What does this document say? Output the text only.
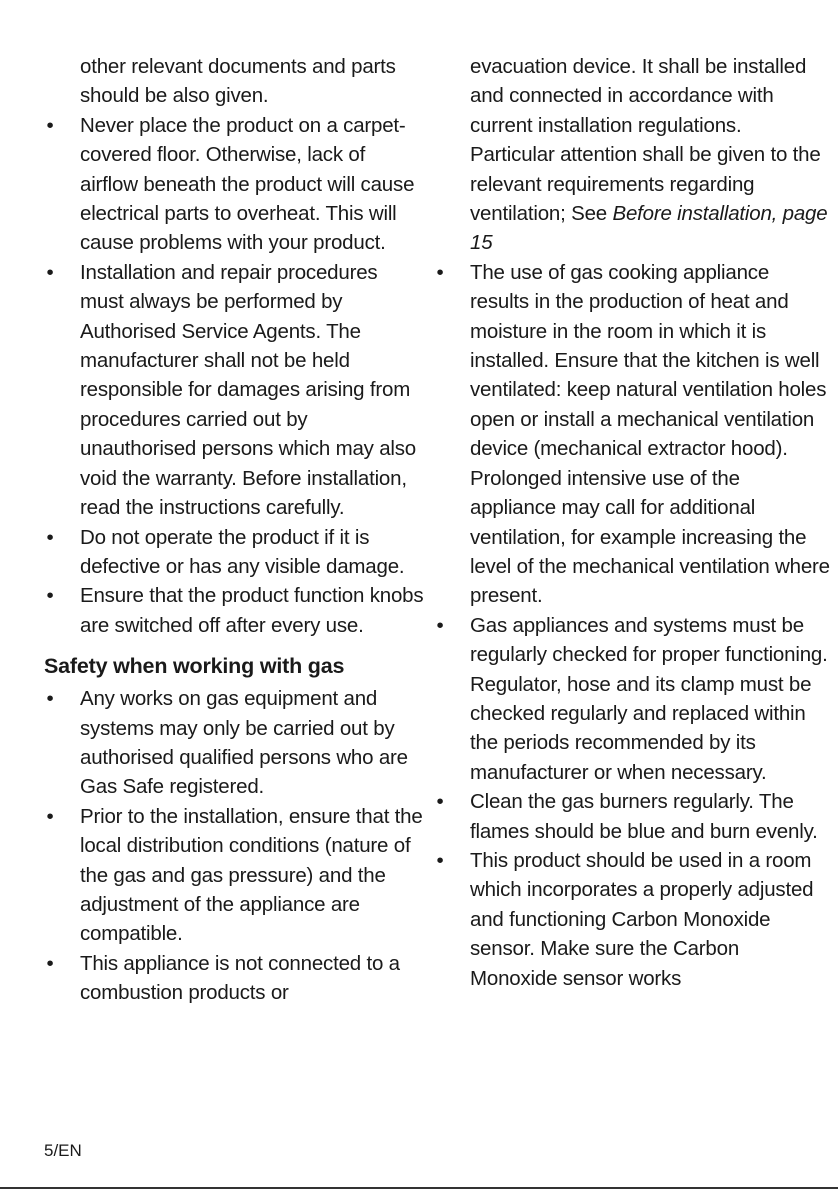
other relevant documents and parts should be also given.

• Never place the product on a carpet-covered floor. Otherwise, lack of airflow beneath the product will cause electrical parts to overheat. This will cause problems with your product.
• Installation and repair procedures must always be performed by Authorised Service Agents. The manufacturer shall not be held responsible for damages arising from procedures carried out by unauthorised persons which may also void the warranty. Before installation, read the instructions carefully.
• Do not operate the product if it is defective or has any visible damage.
• Ensure that the product function knobs are switched off after every use.
Safety when working with gas
• Any works on gas equipment and systems may only be carried out by authorised qualified persons who are Gas Safe registered.
• Prior to the installation, ensure that the local distribution conditions (nature of the gas and gas pressure) and the adjustment of the appliance are compatible.
• This appliance is not connected to a combustion products or

evacuation device. It shall be installed and connected in accordance with current installation regulations. Particular attention shall be given to the relevant requirements regarding ventilation; See Before installation, page 15

• The use of gas cooking appliance results in the production of heat and moisture in the room in which it is installed. Ensure that the kitchen is well ventilated: keep natural ventilation holes open or install a mechanical ventilation device (mechanical extractor hood). Prolonged intensive use of the appliance may call for additional ventilation, for example increasing the level of the mechanical ventilation where present.
• Gas appliances and systems must be regularly checked for proper functioning. Regulator, hose and its clamp must be checked regularly and replaced within the periods recommended by its manufacturer or when necessary.
• Clean the gas burners regularly. The flames should be blue and burn evenly.
• This product should be used in a room which incorporates a properly adjusted and functioning Carbon Monoxide sensor. Make sure the Carbon Monoxide sensor works
5/EN
